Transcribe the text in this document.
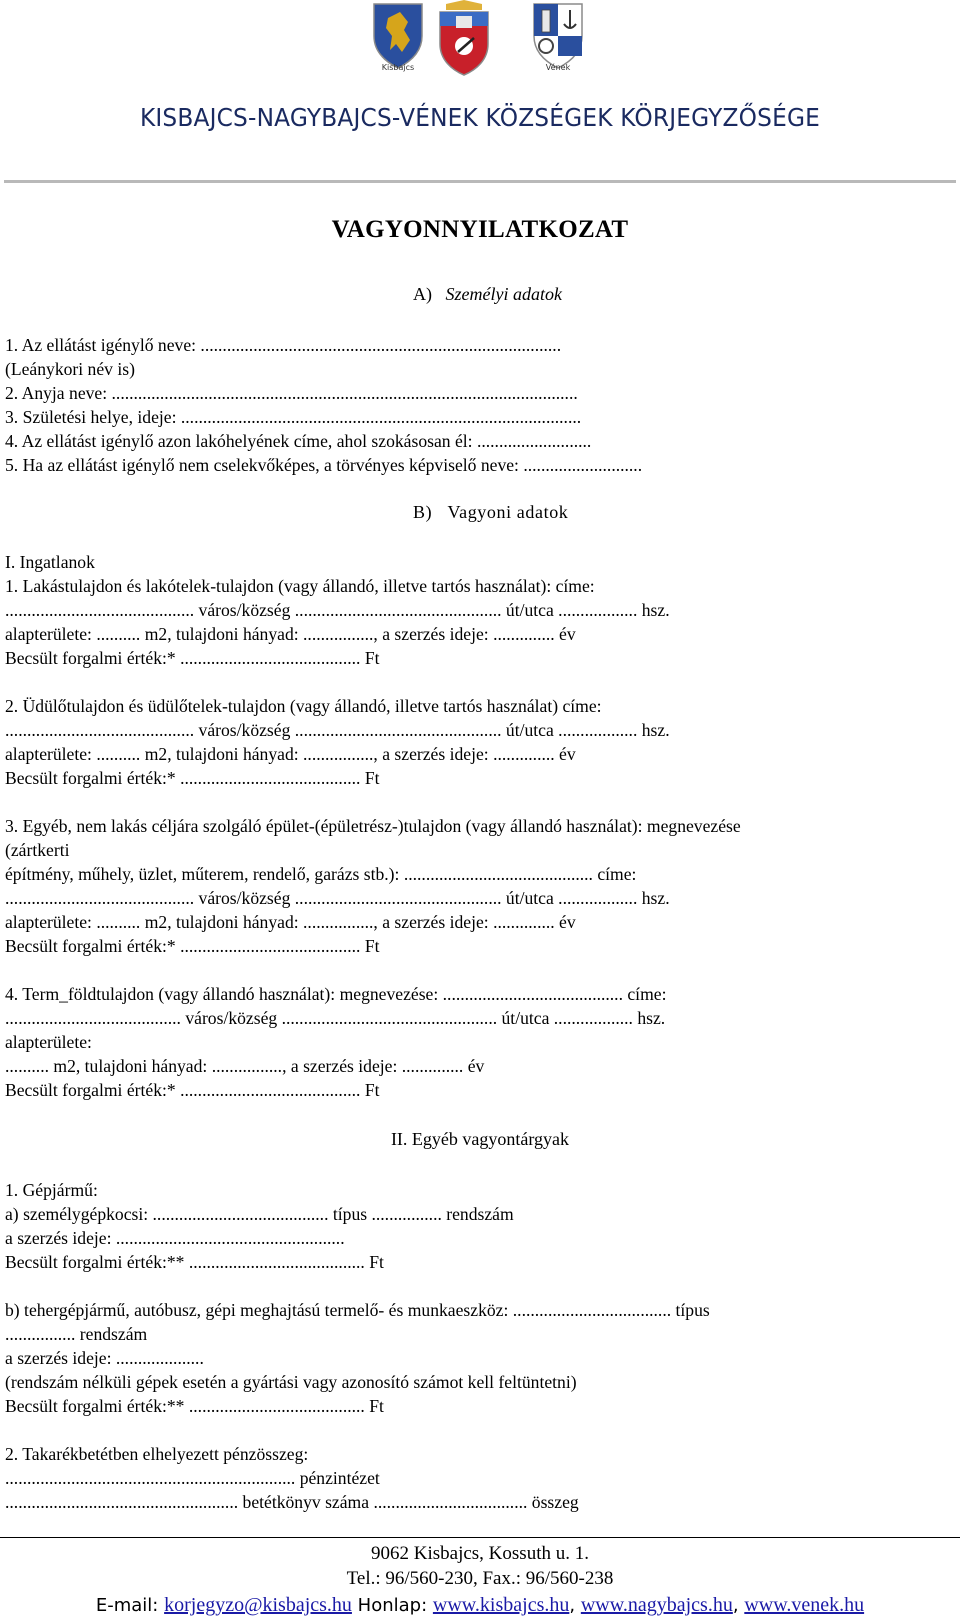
Kisbajcs	Vének
KISBAJCS-NAGYBAJCS-VÉNEK KÖZSÉGEK KÖRJEGYZŐSÉGE
VAGYONNYILATKOZAT
A) Személyi adatok
1. Az ellátást igénylő neve: ..................................................................................
(Leánykori név is)
2. Anyja neve: ..........................................................................................................
3. Születési helye, ideje: ...........................................................................................
4. Az ellátást igénylő azon lakóhelyének címe, ahol szokásosan él: ..........................
5. Ha az ellátást igénylő nem cselekvőképes, a törvényes képviselő neve: ...........................
B) Vagyoni adatok
I. Ingatlanok
1. Lakástulajdon és lakótelek-tulajdon (vagy állandó, illetve tartós használat): címe:
........................................... város/község ............................................... út/utca .................. hsz.
alapterülete: .......... m2, tulajdoni hányad: ................, a szerzés ideje: .............. év
Becsült forgalmi érték:* ......................................... Ft
2. Üdülőtulajdon és üdülőtelek-tulajdon (vagy állandó, illetve tartós használat) címe:
........................................... város/község ............................................... út/utca .................. hsz.
alapterülete: .......... m2, tulajdoni hányad: ................, a szerzés ideje: .............. év
Becsült forgalmi érték:* ......................................... Ft
3. Egyéb, nem lakás céljára szolgáló épület-(épületrész-)tulajdon (vagy állandó használat): megnevezése
(zártkerti
építmény, műhely, üzlet, műterem, rendelő, garázs stb.): ........................................... címe:
........................................... város/község ............................................... út/utca .................. hsz.
alapterülete: .......... m2, tulajdoni hányad: ................, a szerzés ideje: .............. év
Becsült forgalmi érték:* ......................................... Ft
4. Term_földtulajdon (vagy állandó használat): megnevezése: ......................................... címe:
........................................ város/község ................................................. út/utca .................. hsz.
alapterülete:
.......... m2, tulajdoni hányad: ................, a szerzés ideje: .............. év
Becsült forgalmi érték:* ......................................... Ft
II. Egyéb vagyontárgyak
1. Gépjármű:
a) személygépkocsi: ........................................ típus ................ rendszám
a szerzés ideje: ....................................................
Becsült forgalmi érték:** ........................................ Ft
b) tehergépjármű, autóbusz, gépi meghajtású termelő- és munkaeszköz: .................................... típus
................ rendszám
a szerzés ideje: ....................
(rendszám nélküli gépek esetén a gyártási vagy azonosító számot kell feltüntetni)
Becsült forgalmi érték:** ........................................ Ft
2. Takarékbetétben elhelyezett pénzösszeg:
.................................................................. pénzintézet
..................................................... betétkönyv száma ................................... összeg
9062 Kisbajcs, Kossuth u. 1.
Tel.: 96/560-230, Fax.: 96/560-238
E-mail: korjegyzo@kisbajcs.hu Honlap: www.kisbajcs.hu, www.nagybajcs.hu, www.venek.hu
